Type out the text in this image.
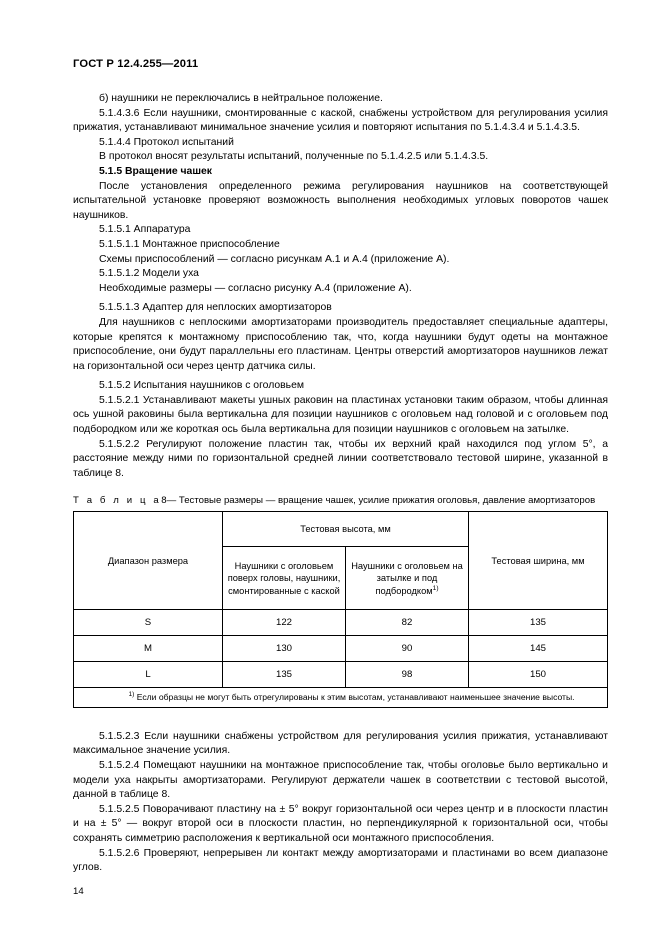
ГОСТ Р 12.4.255—2011

б) наушники не переключались в нейтральное положение.

5.1.4.3.6 Если наушники, смонтированные с каской, снабжены устройством для регулирования усилия прижатия, устанавливают минимальное значение усилия и повторяют испытания по 5.1.4.3.4 и 5.1.4.3.5.

5.1.4.4 Протокол испытаний

В протокол вносят результаты испытаний, полученные по 5.1.4.2.5 или 5.1.4.3.5.

5.1.5 Вращение чашек

После установления определенного режима регулирования наушников на соответствующей испытательной установке проверяют возможность выполнения необходимых угловых поворотов чашек наушников.

5.1.5.1 Аппаратура

5.1.5.1.1 Монтажное приспособление

Схемы приспособлений — согласно рисункам А.1 и А.4 (приложение А).

5.1.5.1.2 Модели уха

Необходимые размеры — согласно рисунку А.4 (приложение А).

5.1.5.1.3 Адаптер для неплоских амортизаторов

Для наушников с неплоскими амортизаторами производитель предоставляет специальные адаптеры, которые крепятся к монтажному приспособлению так, что, когда наушники будут одеты на монтажное приспособление, они будут параллельны его пластинам. Центры отверстий амортизаторов наушников лежат на горизонтальной оси через центр датчика силы.

5.1.5.2 Испытания наушников с оголовьем

5.1.5.2.1 Устанавливают макеты ушных раковин на пластинах установки таким образом, чтобы длинная ось ушной раковины была вертикальна для позиции наушников с оголовьем над головой и с оголовьем под подбородком или же короткая ось была вертикальна для позиции наушников с оголовьем на затылке.

5.1.5.2.2 Регулируют положение пластин так, чтобы их верхний край находился под углом 5°, а расстояние между ними по горизонтальной средней линии соответствовало тестовой ширине, указанной в таблице 8.

Т а б л и ц а8— Тестовые размеры — вращение чашек, усилие прижатия оголовья, давление амортизаторов
Диапазон размера	Тестовая высота, мм		Тестовая ширина, мм
	Наушники с оголовьем поверх головы, наушники, смонтированные с каской	Наушники с оголовьем на затылке и под подбородком$^{1)}$
S	122	82	135
M	130	90	145
L	135	98	150
$^{1)}$ Если образцы не могут быть отрегулированы к этим высотам, устанавливают наименьшее значение высоты.			

5.1.5.2.3 Если наушники снабжены устройством для регулирования усилия прижатия, устанавливают максимальное значение усилия.

5.1.5.2.4 Помещают наушники на монтажное приспособление так, чтобы оголовье было вертикально и модели уха накрыты амортизаторами. Регулируют держатели чашек в соответствии с тестовой высотой, данной в таблице 8.

5.1.5.2.5 Поворачивают пластину на ± 5° вокруг горизонтальной оси через центр и в плоскости пластин и на ± 5° — вокруг второй оси в плоскости пластин, но перпендикулярной к горизонтальной оси, чтобы сохранять симметрию расположения к вертикальной оси монтажного приспособления.

5.1.5.2.6 Проверяют, непрерывен ли контакт между амортизаторами и пластинами во всем диапазоне углов.

14
